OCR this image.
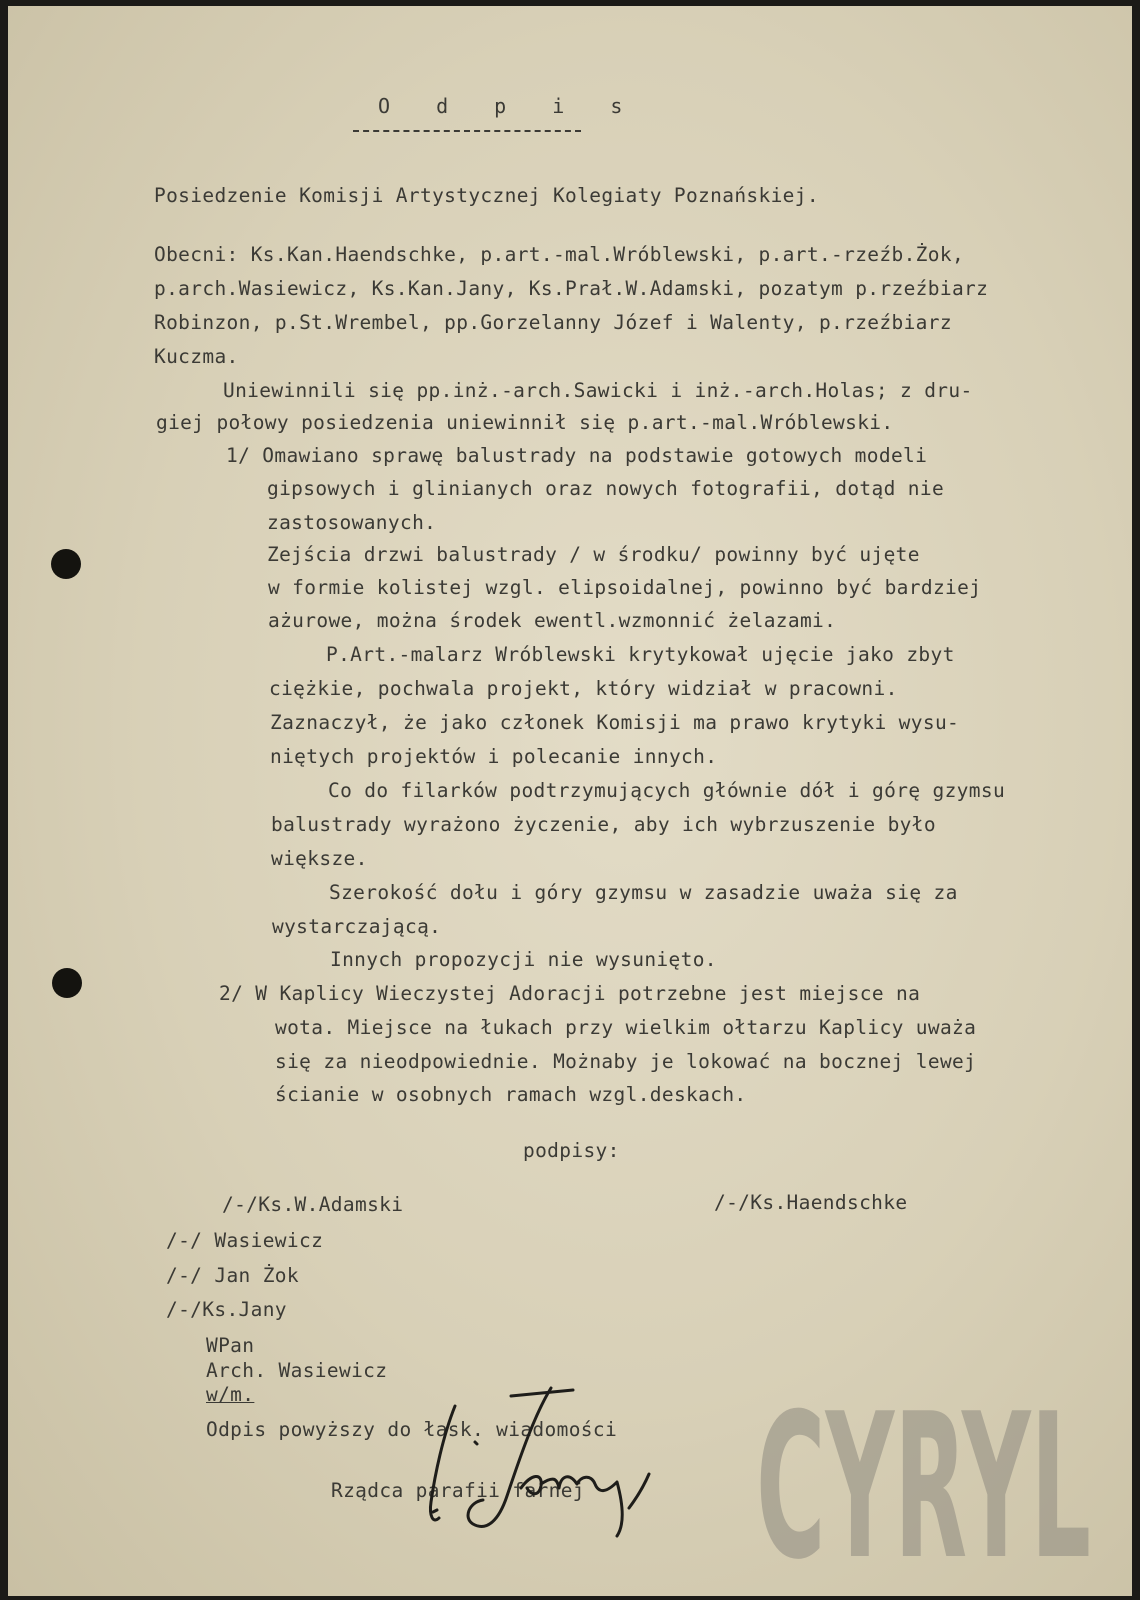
O d p i s
Posiedzenie Komisji Artystycznej Kolegiaty Poznańskiej.
Obecni: Ks.Kan.Haendschke, p.art.-mal.Wróblewski, p.art.-rzeźb.Żok,
p.arch.Wasiewicz, Ks.Kan.Jany, Ks.Prał.W.Adamski, pozatym p.rzeźbiarz
Robinzon, p.St.Wrembel, pp.Gorzelanny Józef i Walenty, p.rzeźbiarz
Kuczma.
Uniewinnili się pp.inż.-arch.Sawicki i inż.-arch.Holas; z dru-
giej połowy posiedzenia uniewinnił się p.art.-mal.Wróblewski.
1/ Omawiano sprawę balustrady na podstawie gotowych modeli
gipsowych i glinianych oraz nowych fotografii, dotąd nie
zastosowanych.
Zejścia drzwi balustrady / w środku/ powinny być ujęte
w formie kolistej wzgl. elipsoidalnej, powinno być bardziej
ażurowe, można środek ewentl.wzmonnić żelazami.
P.Art.-malarz Wróblewski krytykował ujęcie jako zbyt
ciężkie, pochwala projekt, który widział w pracowni.
Zaznaczył, że jako członek Komisji ma prawo krytyki wysu-
niętych projektów i polecanie innych.
Co do filarków podtrzymujących głównie dół i górę gzymsu
balustrady wyrażono życzenie, aby ich wybrzuszenie było
większe.
Szerokość dołu i góry gzymsu w zasadzie uważa się za
wystarczającą.
Innych propozycji nie wysunięto.
2/ W Kaplicy Wieczystej Adoracji potrzebne jest miejsce na
wota. Miejsce na łukach przy wielkim ołtarzu Kaplicy uważa
się za nieodpowiednie. Możnaby je lokować na bocznej lewej
ścianie w osobnych ramach wzgl.deskach.
podpisy:
/-/Ks.W.Adamski	/-/Ks.Haendschke
/-/ Wasiewicz
/-/ Jan Żok
/-/Ks.Jany
WPan
Arch. Wasiewicz
w/m.
Odpis powyższy do łask. wiadomości
Rządca parafii farnej CYRYL
